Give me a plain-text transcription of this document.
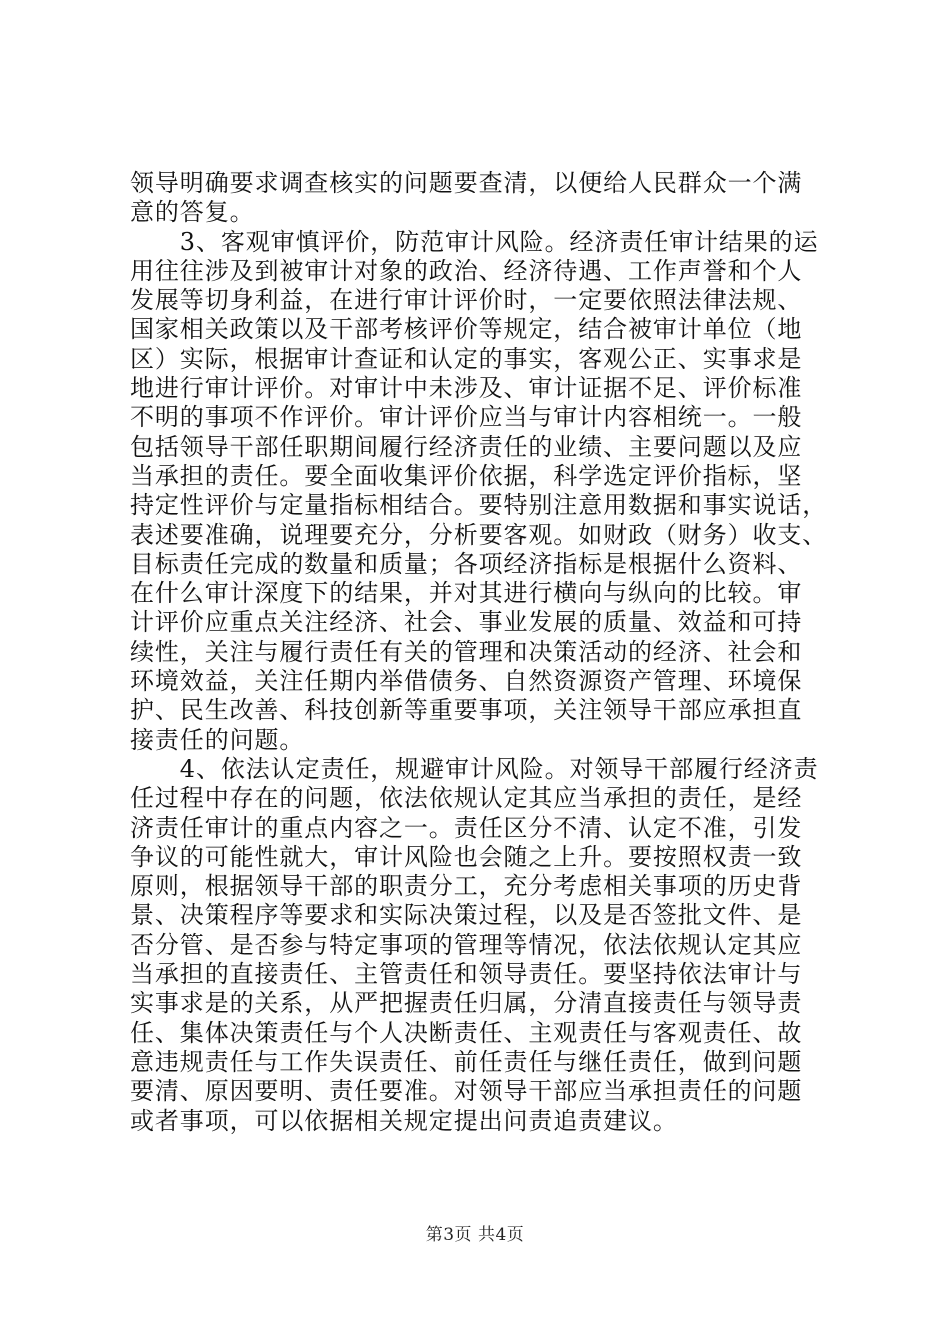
领导明确要求调查核实的问题要查清，以便给人民群众一个满
意的答复。
　　3、客观审慎评价，防范审计风险。经济责任审计结果的运
用往往涉及到被审计对象的政治、经济待遇、工作声誉和个人
发展等切身利益，在进行审计评价时，一定要依照法律法规、
国家相关政策以及干部考核评价等规定，结合被审计单位（地
区）实际，根据审计查证和认定的事实，客观公正、实事求是
地进行审计评价。对审计中未涉及、审计证据不足、评价标准
不明的事项不作评价。审计评价应当与审计内容相统一。一般
包括领导干部任职期间履行经济责任的业绩、主要问题以及应
当承担的责任。要全面收集评价依据，科学选定评价指标，坚
持定性评价与定量指标相结合。要特别注意用数据和事实说话，
表述要准确，说理要充分，分析要客观。如财政（财务）收支、
目标责任完成的数量和质量；各项经济指标是根据什么资料、
在什么审计深度下的结果，并对其进行横向与纵向的比较。审
计评价应重点关注经济、社会、事业发展的质量、效益和可持
续性，关注与履行责任有关的管理和决策活动的经济、社会和
环境效益，关注任期内举借债务、自然资源资产管理、环境保
护、民生改善、科技创新等重要事项，关注领导干部应承担直
接责任的问题。
　　4、依法认定责任，规避审计风险。对领导干部履行经济责
任过程中存在的问题，依法依规认定其应当承担的责任，是经
济责任审计的重点内容之一。责任区分不清、认定不准，引发
争议的可能性就大，审计风险也会随之上升。要按照权责一致
原则，根据领导干部的职责分工，充分考虑相关事项的历史背
景、决策程序等要求和实际决策过程，以及是否签批文件、是
否分管、是否参与特定事项的管理等情况，依法依规认定其应
当承担的直接责任、主管责任和领导责任。要坚持依法审计与
实事求是的关系，从严把握责任归属，分清直接责任与领导责
任、集体决策责任与个人决断责任、主观责任与客观责任、故
意违规责任与工作失误责任、前任责任与继任责任，做到问题
要清、原因要明、责任要准。对领导干部应当承担责任的问题
或者事项，可以依据相关规定提出问责追责建议。
第3页 共4页
